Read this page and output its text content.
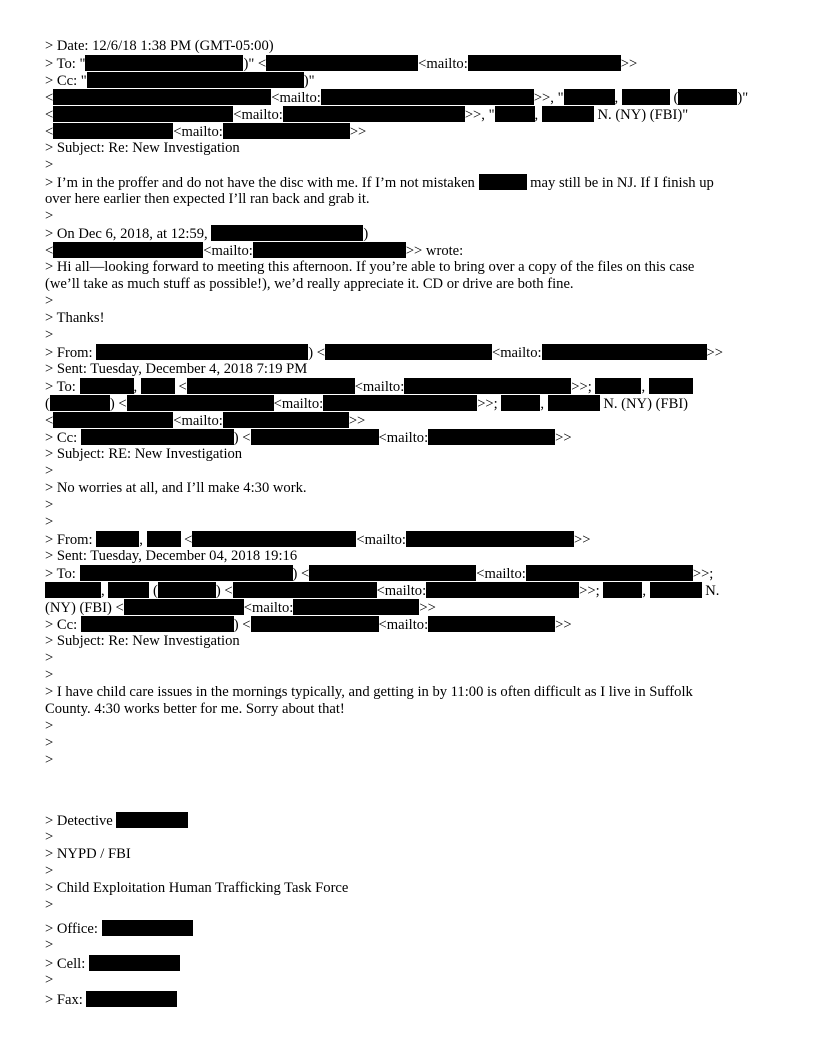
> Date: 12/6/18 1:38 PM (GMT-05:00)
> To: "	)" <	<mailto:	>>
> Cc: "	)"
<	<mailto:	>>, "	,	(	)"
<	<mailto:	>>, "	,	N. (NY) (FBI)"
<	<mailto:	>>
> Subject: Re: New Investigation
>
> I’m in the proffer and do not have the disc with me. If I’m not mistaken	may still be in NJ. If I finish up
over here earlier then expected I’ll ran back and grab it.
>
> On Dec 6, 2018, at 12:59,	)
<	<mailto:	>> wrote:
> Hi all—looking forward to meeting this afternoon. If you’re able to bring over a copy of the files on this case
(we’ll take as much stuff as possible!), we’d really appreciate it. CD or drive are both fine.
>
> Thanks!
>
> From:	) <	<mailto:	>>
> Sent: Tuesday, December 4, 2018 7:19 PM
> To:	,  <	<mailto:	>>;	,
(	) <	<mailto:	>>;	,	N. (NY) (FBI)
<	<mailto:	>>
> Cc:	) <	<mailto:	>>
> Subject: RE: New Investigation
>
> No worries at all, and I’ll make 4:30 work.
>
>
> From:	,  <	<mailto:	>>
> Sent: Tuesday, December 04, 2018 19:16
> To:	) <	<mailto:	>>;
,	(	) <	<mailto:	>>;	,	N.
(NY) (FBI) <	<mailto:	>>
> Cc:	) <	<mailto:	>>
> Subject: Re: New Investigation
>
>
> I have child care issues in the mornings typically, and getting in by 11:00 is often difficult as I live in Suffolk
County. 4:30 works better for me. Sorry about that!
>
>
>
> Detective
>
> NYPD / FBI
>
> Child Exploitation Human Trafficking Task Force
>
> Office:
>
> Cell:
>
> Fax:
